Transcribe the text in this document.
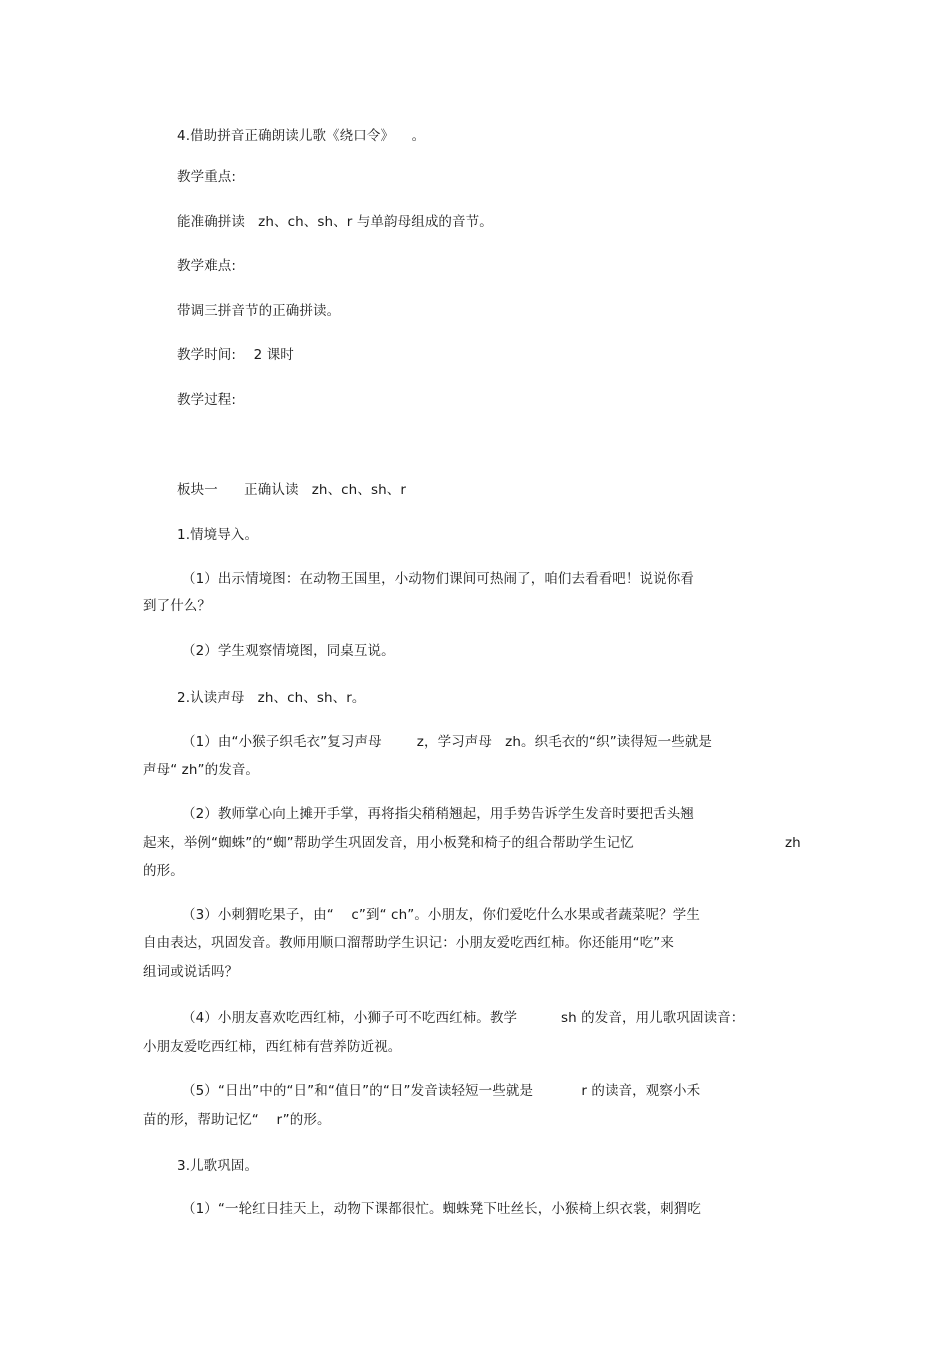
4.借助拼音正确朗读儿歌《绕口令》    。
教学重点:
能准确拼读   zh、ch、sh、r 与单韵母组成的音节。
教学难点:
带调三拼音节的正确拼读。
教学时间:    2 课时
教学过程:
板块一      正确认读   zh、ch、sh、r
1.情境导入。
（1）出示情境图：在动物王国里，小动物们课间可热闹了，咱们去看看吧！说说你看
到了什么？
（2）学生观察情境图，同桌互说。
2.认读声母   zh、ch、sh、r。
（1）由“小猴子织毛衣”复习声母        z，学习声母   zh。织毛衣的“织”读得短一些就是
声母“ zh”的发音。
（2）教师掌心向上摊开手掌，再将指尖稍稍翘起，用手势告诉学生发音时要把舌头翘
起来，举例“蜘蛛”的“蜘”帮助学生巩固发音，用小板凳和椅子的组合帮助学生记忆	zh
的形。
（3）小刺猬吃果子，由“    c”到“ ch”。小朋友，你们爱吃什么水果或者蔬菜呢？学生
自由表达，巩固发音。教师用顺口溜帮助学生识记：小朋友爱吃西红柿。你还能用“吃”来
组词或说话吗？
（4）小朋友喜欢吃西红柿，小狮子可不吃西红柿。教学          sh 的发音，用儿歌巩固读音：
小朋友爱吃西红柿，西红柿有营养防近视。
（5）“日出”中的“日”和“值日”的“日”发音读轻短一些就是           r 的读音，观察小禾
苗的形，帮助记忆“    r”的形。
3.儿歌巩固。
（1）“一轮红日挂天上，动物下课都很忙。蜘蛛凳下吐丝长，小猴椅上织衣裳，刺猬吃
